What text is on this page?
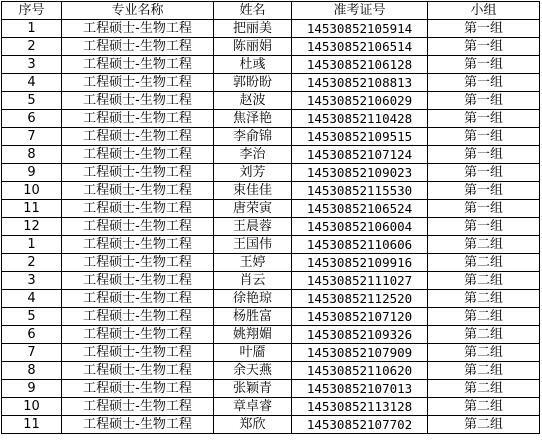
序号	专业名称	姓名	准考证号	小组
1	工程硕士-生物工程	把丽美	14530852105914	第一组
2	工程硕士-生物工程	陈丽娟	14530852106514	第一组
3	工程硕士-生物工程	杜彧	14530852106128	第一组
4	工程硕士-生物工程	郭盼盼	14530852108813	第一组
5	工程硕士-生物工程	赵波	14530852106029	第一组
6	工程硕士-生物工程	焦泽艳	14530852110428	第一组
7	工程硕士-生物工程	李俞锦	14530852109515	第一组
8	工程硕士-生物工程	李治	14530852107124	第一组
9	工程硕士-生物工程	刘芳	14530852109023	第一组
10	工程硕士-生物工程	束佳佳	14530852115530	第一组
11	工程硕士-生物工程	唐荣寅	14530852106524	第一组
12	工程硕士-生物工程	王晨蓉	14530852106004	第一组
1	工程硕士-生物工程	王国伟	14530852110606	第二组
2	工程硕士-生物工程	王婷	14530852109916	第二组
3	工程硕士-生物工程	肖云	14530852111027	第二组
4	工程硕士-生物工程	徐艳琼	14530852112520	第二组
5	工程硕士-生物工程	杨胜富	14530852107120	第二组
6	工程硕士-生物工程	姚翔媚	14530852109326	第二组
7	工程硕士-生物工程	叶靥	14530852107909	第二组
8	工程硕士-生物工程	余天燕	14530852110620	第二组
9	工程硕士-生物工程	张颖青	14530852107013	第二组
10	工程硕士-生物工程	章卓睿	14530852113128	第二组
11	工程硕士-生物工程	郑欣	14530852107702	第二组
